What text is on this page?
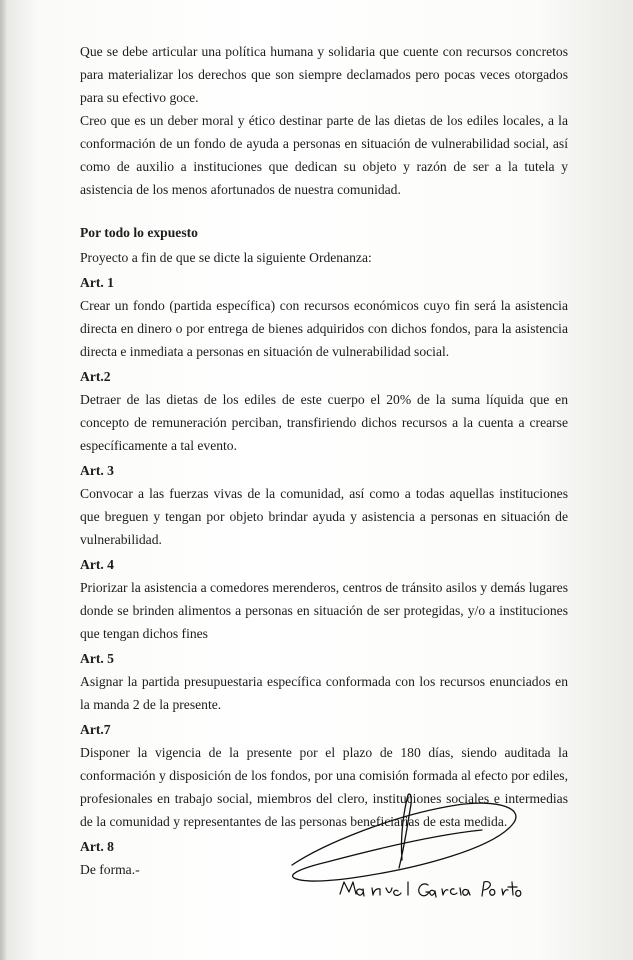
Que se debe articular una política humana y solidaria que cuente con recursos concretos para materializar los derechos que son siempre declamados pero pocas veces otorgados para su efectivo goce.

Creo que es un deber moral y ético destinar parte de las dietas de los ediles locales, a la conformación de un fondo de ayuda a personas en situación de vulnerabilidad social, así como de auxilio a instituciones que dedican su objeto y razón de ser a la tutela y asistencia de los menos afortunados de nuestra comunidad.

Por todo lo expuesto

Proyecto a fin de que se dicte la siguiente Ordenanza:

Art. 1

Crear un fondo (partida específica) con recursos económicos cuyo fin será la asistencia directa en dinero o por entrega de bienes adquiridos con dichos fondos, para la asistencia directa e inmediata a personas en situación de vulnerabilidad social.

Art.2

Detraer de las dietas de los ediles de este cuerpo el 20% de la suma líquida que en concepto de remuneración perciban, transfiriendo dichos recursos a la cuenta a crearse específicamente a tal evento.

Art. 3

Convocar a las fuerzas vivas de la comunidad, así como a todas aquellas instituciones que breguen y tengan por objeto brindar ayuda y asistencia a personas en situación de vulnerabilidad.

Art. 4

Priorizar la asistencia a comedores merenderos, centros de tránsito asilos y demás lugares donde se brinden alimentos a personas en situación de ser protegidas, y/o a instituciones que tengan dichos fines

Art. 5

Asignar la partida presupuestaria específica conformada con los recursos enunciados en la manda 2 de la presente.

Art.7

Disponer la vigencia de la presente por el plazo de 180 días, siendo auditada la conformación y disposición de los fondos, por una comisión formada al efecto por ediles, profesionales en trabajo social, miembros del clero, instituciones sociales e intermedias de la comunidad y representantes de las personas beneficiarias de esta medida.

Art. 8

De forma.-
